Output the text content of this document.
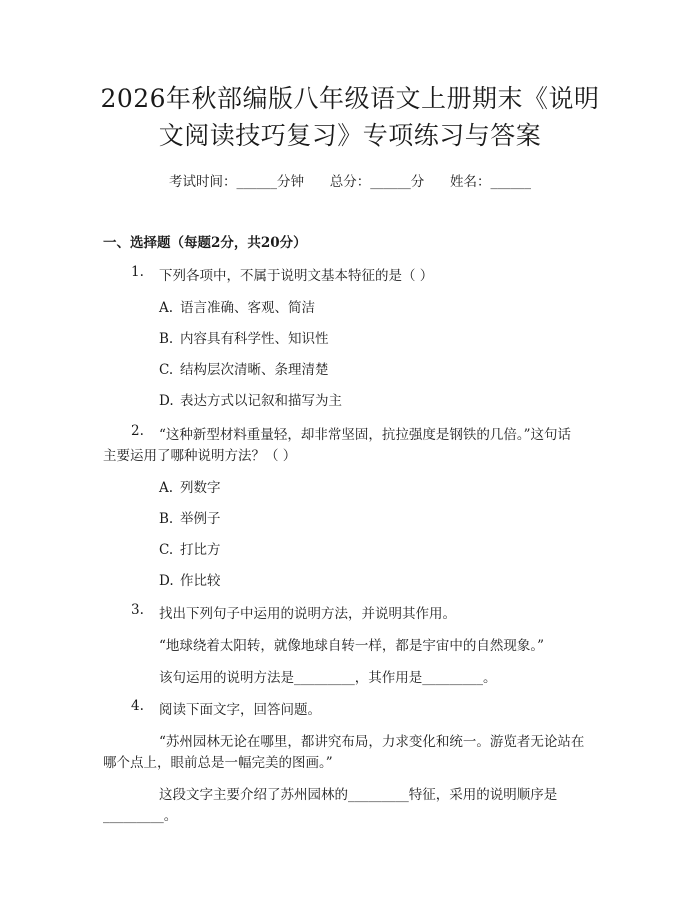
2026年秋部编版八年级语文上册期末《说明
文阅读技巧复习》专项练习与答案
考试时间：______分钟      总分：______分      姓名：______
一、选择题（每题2分，共20分）
1. 下列各项中，不属于说明文基本特征的是（ ）
A. 语言准确、客观、简洁
B. 内容具有科学性、知识性
C. 结构层次清晰、条理清楚
D. 表达方式以记叙和描写为主
2. “这种新型材料重量轻，却非常坚固，抗拉强度是钢铁的几倍。”这句话
主要运用了哪种说明方法？（ ）
A. 列数字
B. 举例子
C. 打比方
D. 作比较
3. 找出下列句子中运用的说明方法，并说明其作用。
“地球绕着太阳转，就像地球自转一样，都是宇宙中的自然现象。”
该句运用的说明方法是_________，其作用是_________。
4. 阅读下面文字，回答问题。
“苏州园林无论在哪里，都讲究布局，力求变化和统一。游览者无论站在
哪个点上，眼前总是一幅完美的图画。”
这段文字主要介绍了苏州园林的_________特征，采用的说明顺序是
_________。
